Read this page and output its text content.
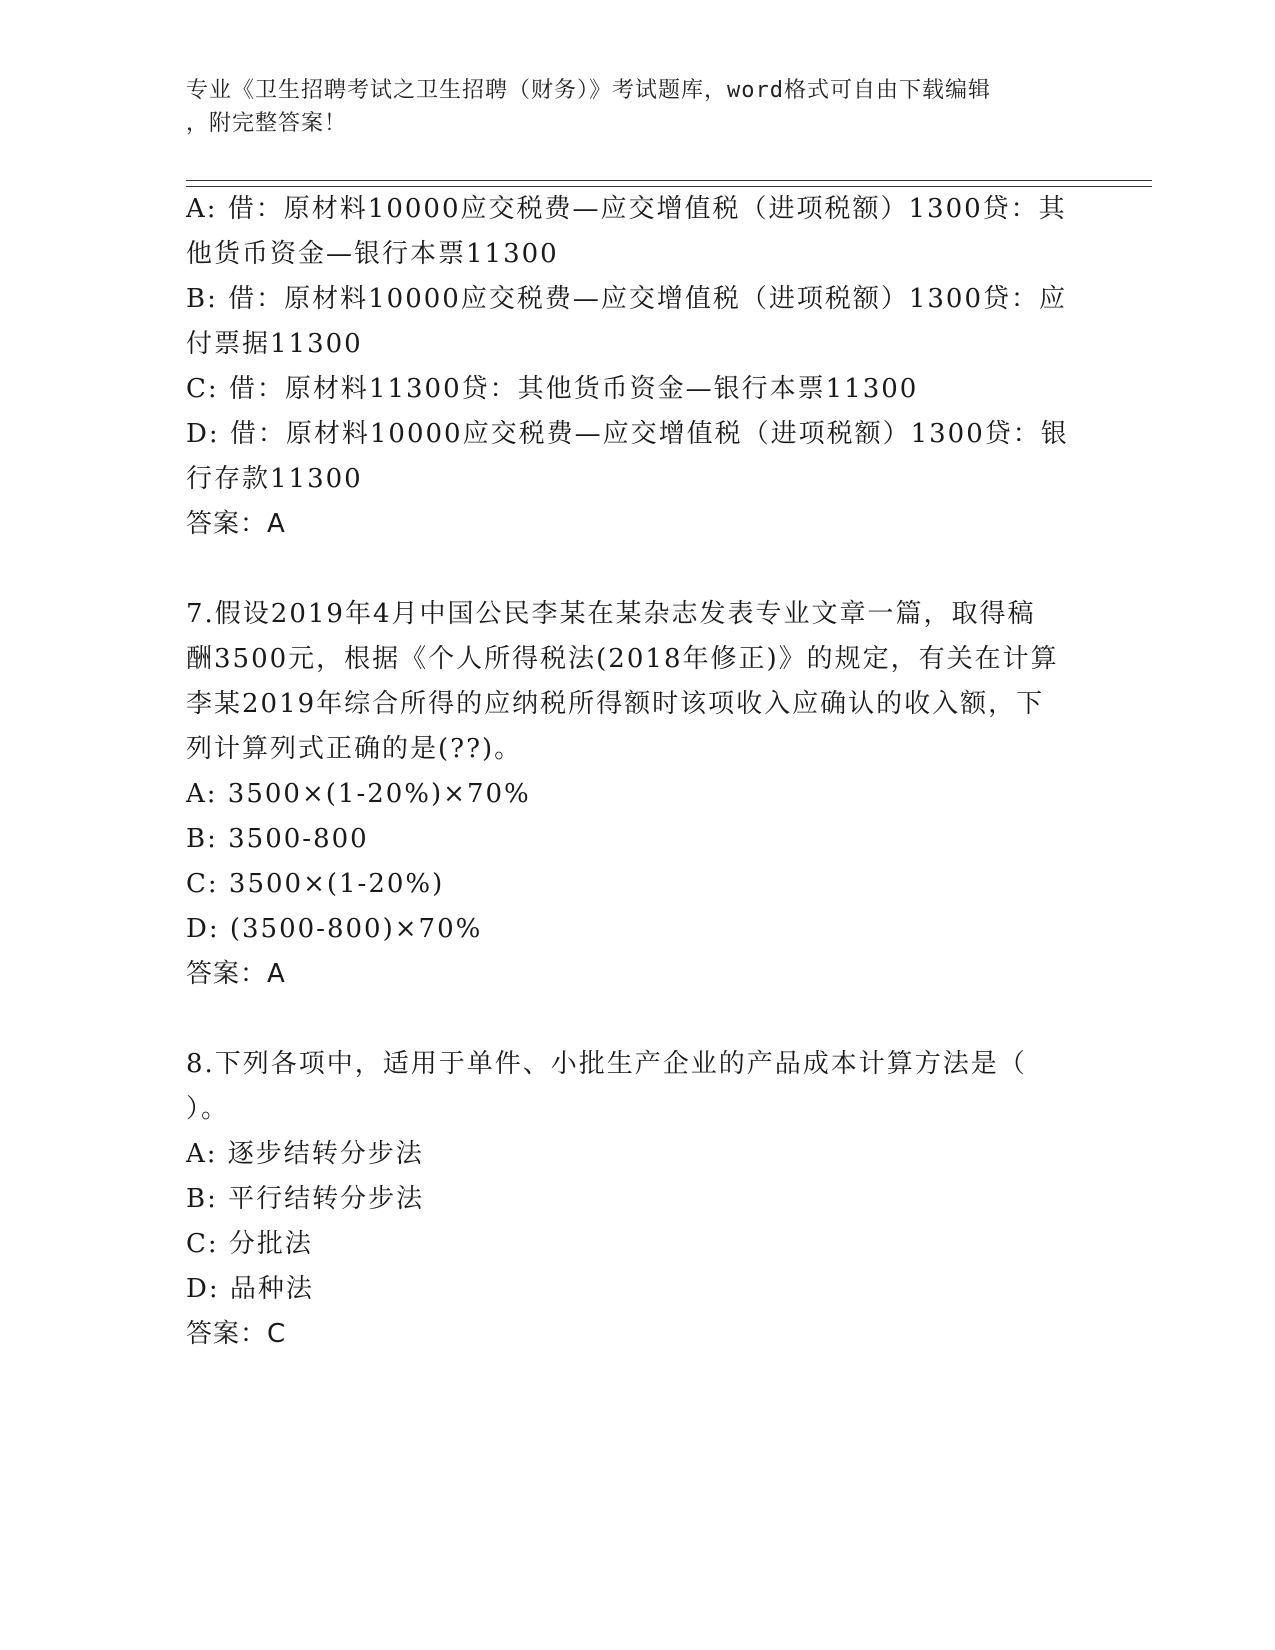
专业《卫生招聘考试之卫生招聘（财务）》考试题库，word格式可自由下载编辑
，附完整答案！
A: 借：原材料10000应交税费—应交增值税（进项税额）1300贷：其
他货币资金—银行本票11300
B: 借：原材料10000应交税费—应交增值税（进项税额）1300贷：应
付票据11300
C: 借：原材料11300贷：其他货币资金—银行本票11300
D: 借：原材料10000应交税费—应交增值税（进项税额）1300贷：银
行存款11300
答案：A
7.假设2019年4月中国公民李某在某杂志发表专业文章一篇，取得稿
酬3500元，根据《个人所得税法(2018年修正)》的规定，有关在计算
李某2019年综合所得的应纳税所得额时该项收入应确认的收入额，下
列计算列式正确的是(??)。
A: 3500×(1-20%)×70%
B: 3500-800
C: 3500×(1-20%)
D: (3500-800)×70%
答案：A
8.下列各项中，适用于单件、小批生产企业的产品成本计算方法是（
）。
A: 逐步结转分步法
B: 平行结转分步法
C: 分批法
D: 品种法
答案：C
